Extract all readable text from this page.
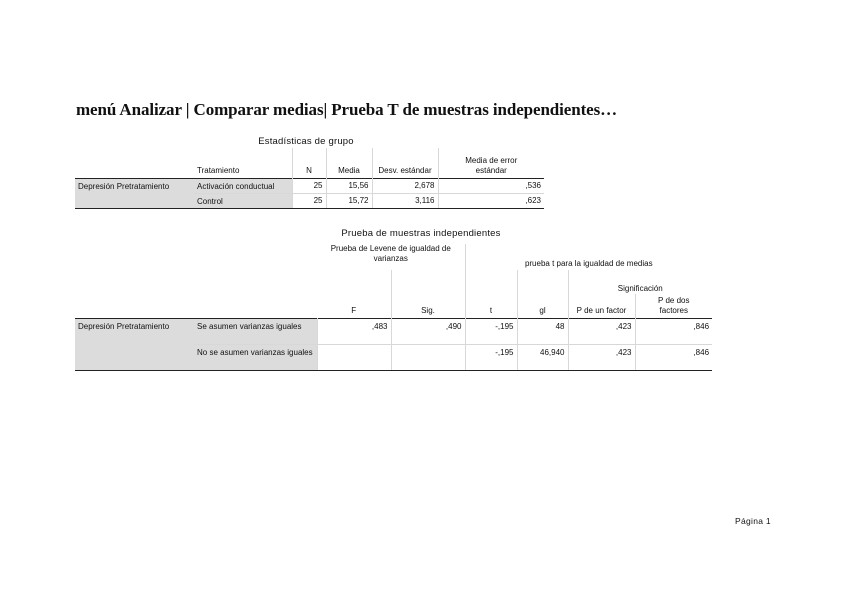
menú Analizar | Comparar medias| Prueba T de muestras independientes…
Estadísticas de grupo
	Tratamiento	N	Media	Desv. estándar	Media de error
estándar

Depresión Pretratamiento	Activación conductual	25	15,56	2,678	,536
	Control	25	15,72	3,116	,623
Prueba de muestras independientes
		Prueba de Levene de igualdad de varianzas		prueba t para la igualdad de medias			
		F	Sig.	t	gl	Significación	
						P de un factor	P de dos factores
Depresión Pretratamiento	Se asumen varianzas iguales	,483	,490	-,195	48	,423	,846
	No se asumen varianzas iguales			-,195	46,940	,423	,846
Página 1
